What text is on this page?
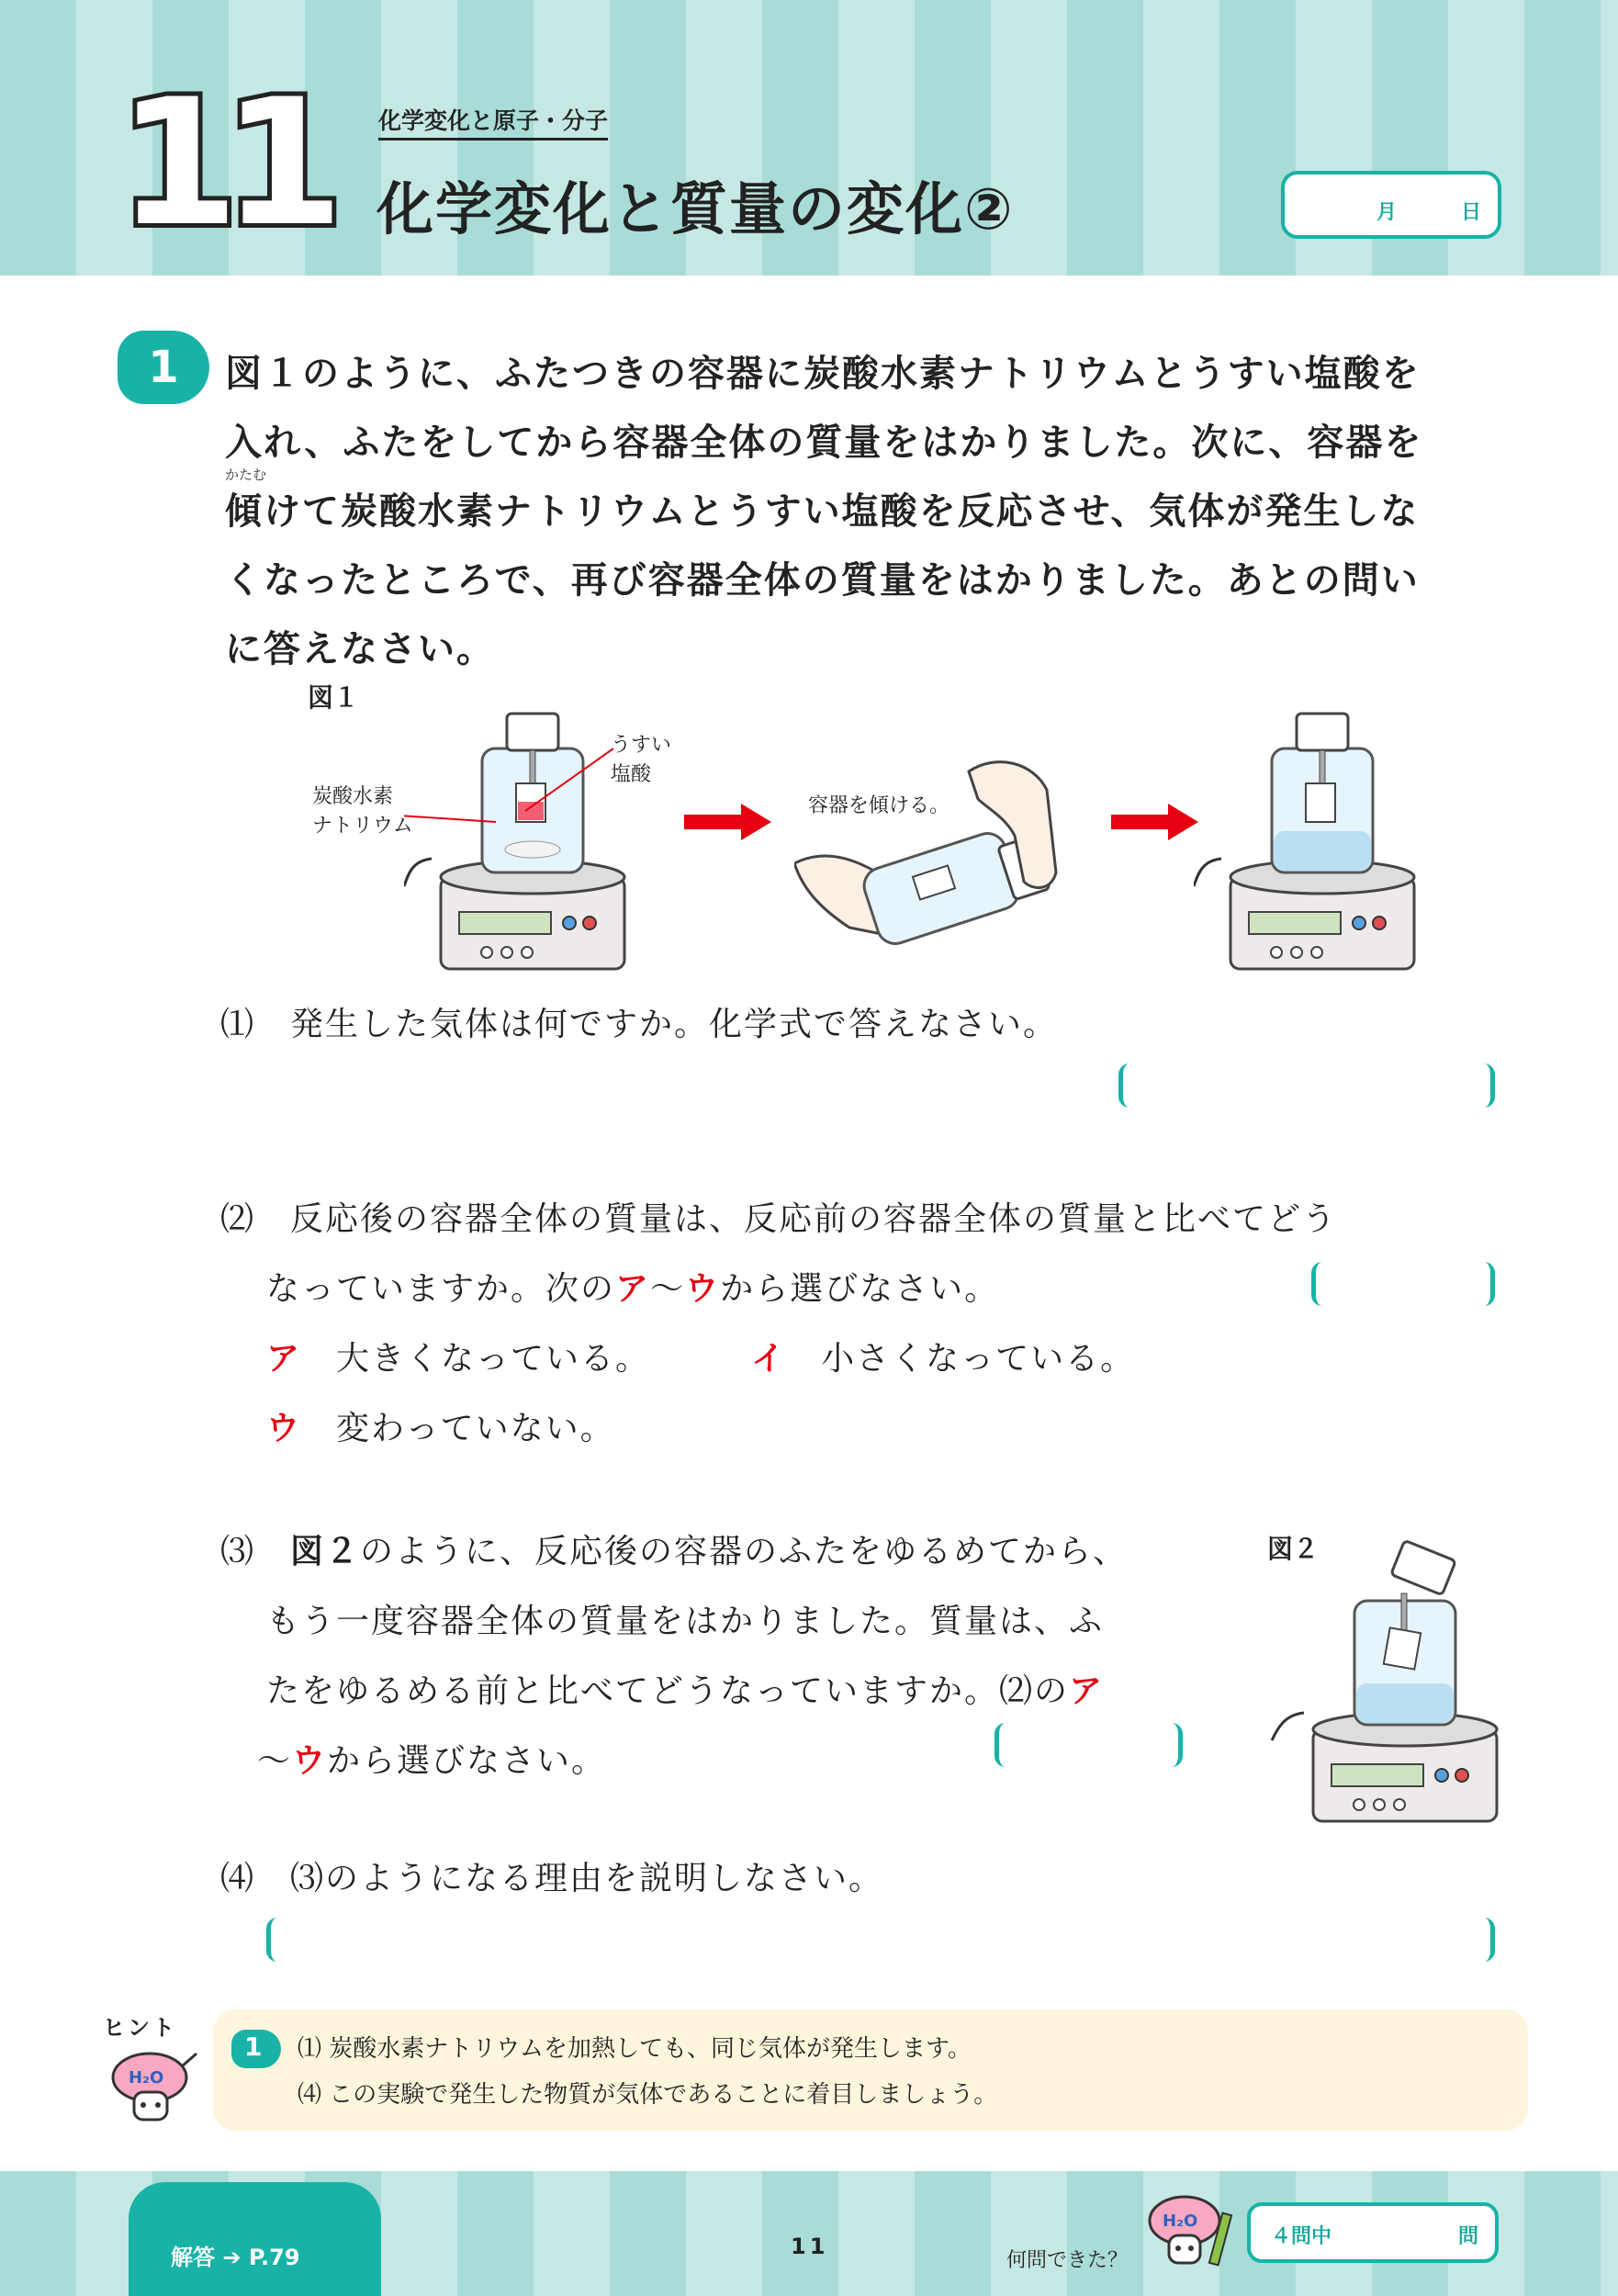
11	化学変化と原子・分子
化学変化と質量の変化②	月	日
1
かたむ

図１のように、ふたつきの容器に炭酸水素ナトリウムとうすい塩酸を

入れ、ふたをしてから容器全体の質量をはかりました。次に、容器を

傾けて炭酸水素ナトリウムとうすい塩酸を反応させ、気体が発生しな

くなったところで、再び容器全体の質量をはかりました。あとの問い

に答えなさい。

図１
炭酸水素
ナトリウム
うすい
塩酸
容器を傾ける。

⑴　 発生した気体は何ですか。化学式で答えなさい。

⑵　 反応後の容器全体の質量は、反応前の容器全体の質量と比べてどう

なっていますか。次のア～ウから選びなさい。

ア　 大きくなっている。	イ　 小さくなっている。

ウ　 変わっていない。

⑶　 図２のように、反応後の容器のふたをゆるめてから、

もう一度容器全体の質量をはかりました。質量は、ふ

たをゆるめる前と比べてどうなっていますか。⑵のア

～ウから選びなさい。

図２

⑷　 ⑶のようになる理由を説明しなさい。

ヒント
H₂O
1 ⑴ 炭酸水素ナトリウムを加熱しても、同じ気体が発生します。

⑷ この実験で発生した物質が気体であることに着目しましょう。

解答 ➔ P.79	11
何問できた？
H₂O
４問中	問
